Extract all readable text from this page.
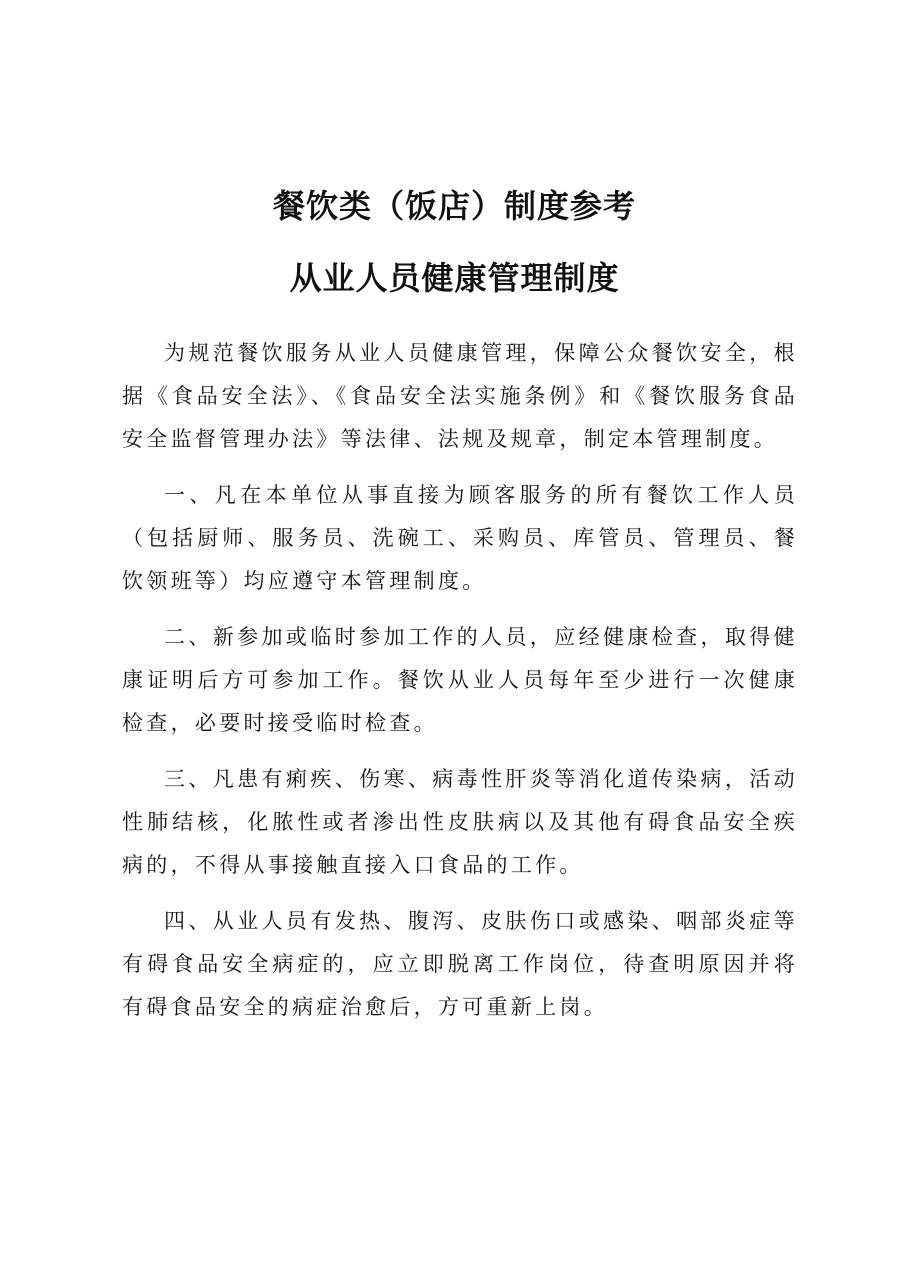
餐饮类（饭店）制度参考
从业人员健康管理制度

为规范餐饮服务从业人员健康管理，保障公众餐饮安全，根据《食品安全法》、《食品安全法实施条例》和《餐饮服务食品安全监督管理办法》等法律、法规及规章，制定本管理制度。

一、凡在本单位从事直接为顾客服务的所有餐饮工作人员（包括厨师、服务员、洗碗工、采购员、库管员、管理员、餐饮领班等）均应遵守本管理制度。

二、新参加或临时参加工作的人员，应经健康检查，取得健康证明后方可参加工作。餐饮从业人员每年至少进行一次健康检查，必要时接受临时检查。

三、凡患有痢疾、伤寒、病毒性肝炎等消化道传染病，活动性肺结核，化脓性或者渗出性皮肤病以及其他有碍食品安全疾病的，不得从事接触直接入口食品的工作。

四、从业人员有发热、腹泻、皮肤伤口或感染、咽部炎症等有碍食品安全病症的，应立即脱离工作岗位，待查明原因并将有碍食品安全的病症治愈后，方可重新上岗。
